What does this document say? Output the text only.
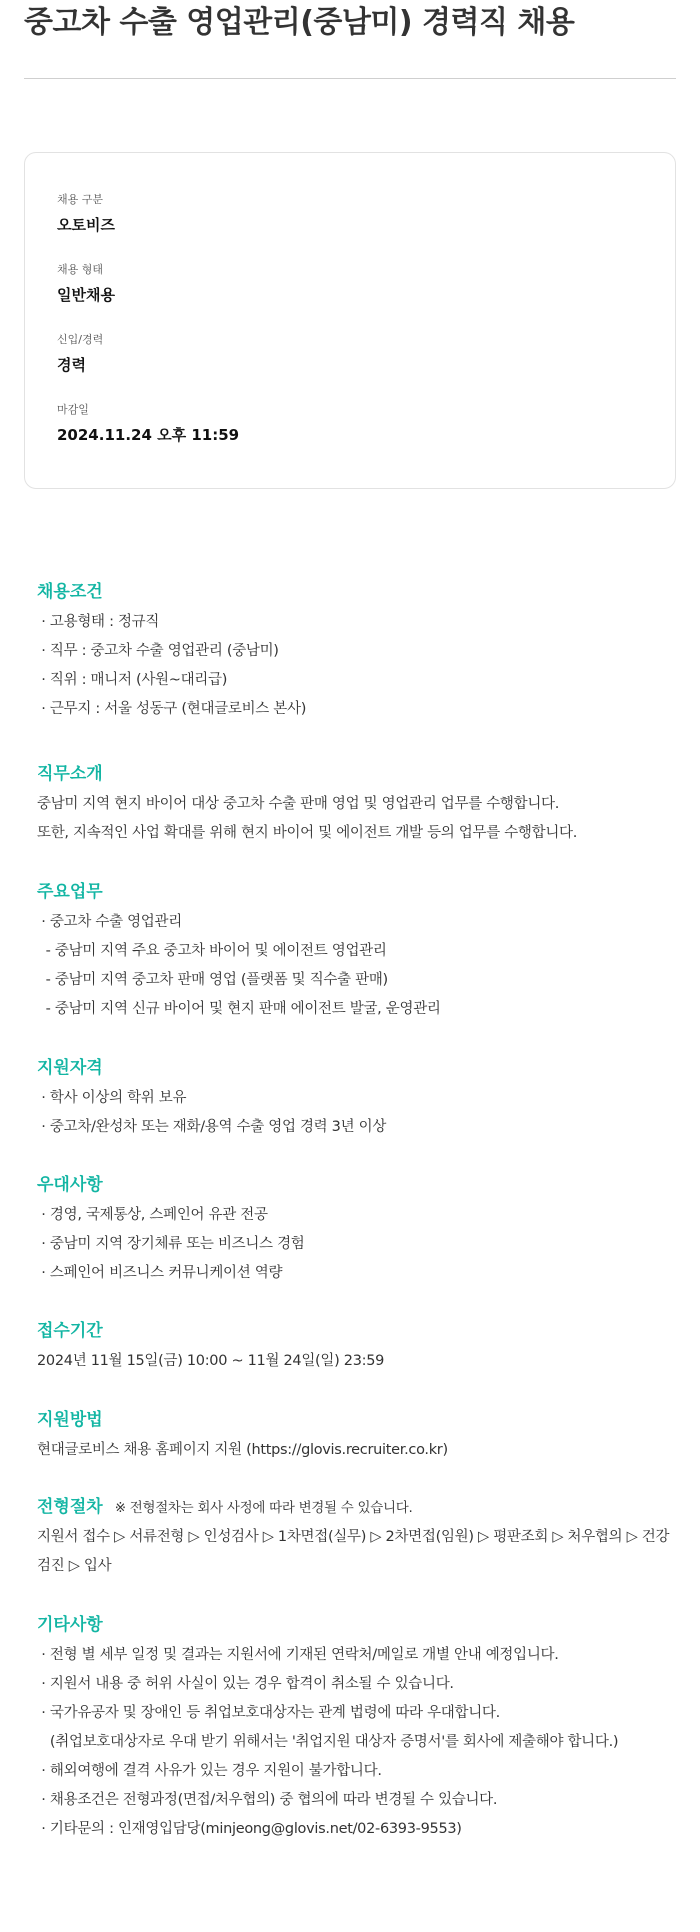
중고차 수출 영업관리(중남미) 경력직 채용
채용 구분
오토비즈
채용 형태
일반채용
신입/경력
경력
마감일
2024.11.24 오후 11:59
채용조건
· 고용형태 : 정규직
· 직무 : 중고차 수출 영업관리 (중남미)
· 직위 : 매니저 (사원~대리급)
· 근무지 : 서울 성동구 (현대글로비스 본사)
직무소개
중남미 지역 현지 바이어 대상 중고차 수출 판매 영업 및 영업관리 업무를 수행합니다.
또한, 지속적인 사업 확대를 위해 현지 바이어 및 에이전트 개발 등의 업무를 수행합니다.
주요업무
· 중고차 수출 영업관리
- 중남미 지역 주요 중고차 바이어 및 에이전트 영업관리
- 중남미 지역 중고차 판매 영업 (플랫폼 및 직수출 판매)
- 중남미 지역 신규 바이어 및 현지 판매 에이전트 발굴, 운영관리
지원자격
· 학사 이상의 학위 보유
· 중고차/완성차 또는 재화/용역 수출 영업 경력 3년 이상
우대사항
· 경영, 국제통상, 스페인어 유관 전공
· 중남미 지역 장기체류 또는 비즈니스 경험
· 스페인어 비즈니스 커뮤니케이션 역량
접수기간
2024년 11월 15일(금) 10:00 ~ 11월 24일(일) 23:59
지원방법
현대글로비스 채용 홈페이지 지원 (https://glovis.recruiter.co.kr)
전형절차 ※ 전형절차는 회사 사정에 따라 변경될 수 있습니다.
지원서 접수 ▷ 서류전형 ▷ 인성검사 ▷ 1차면접(실무) ▷ 2차면접(임원) ▷ 평판조회 ▷ 처우협의 ▷ 건강
검진 ▷ 입사
기타사항
· 전형 별 세부 일정 및 결과는 지원서에 기재된 연락처/메일로 개별 안내 예정입니다.
· 지원서 내용 중 허위 사실이 있는 경우 합격이 취소될 수 있습니다.
· 국가유공자 및 장애인 등 취업보호대상자는 관계 법령에 따라 우대합니다.
(취업보호대상자로 우대 받기 위해서는 '취업지원 대상자 증명서'를 회사에 제출해야 합니다.)
· 해외여행에 결격 사유가 있는 경우 지원이 불가합니다.
· 채용조건은 전형과정(면접/처우협의) 중 협의에 따라 변경될 수 있습니다.
· 기타문의 : 인재영입담당(minjeong@glovis.net/02-6393-9553)
